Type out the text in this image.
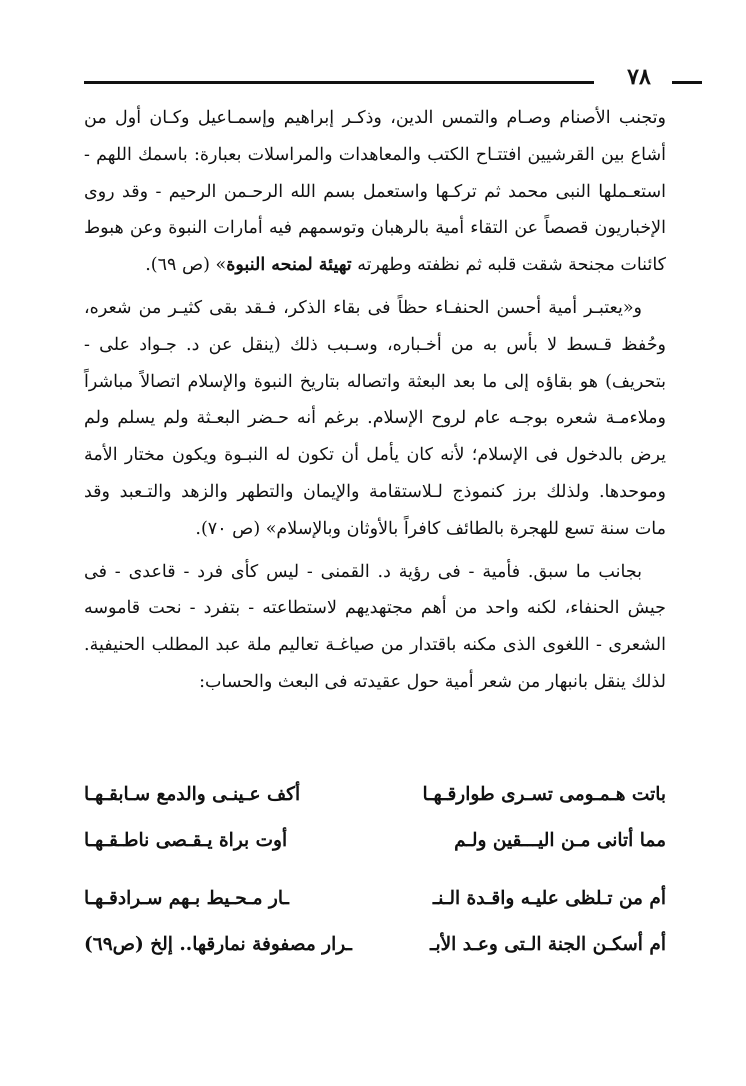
٧٨

وتجنب الأصنام وصـام والتمس الدين، وذكـر إبراهيم وإسمـاعيل وكـان أول من أشاع بين القرشيين افتتـاح الكتب والمعاهدات والمراسلات بعبارة: باسمك اللهم - استعـملها النبى محمد ثم تركـها واستعمل بسم الله الرحـمن الرحيم - وقد روى الإخباريون قصصاً عن التقاء أمية بالرهبان وتوسمهم فيه أمارات النبوة وعن هبوط كائنات مجنحة شقت قلبه ثم نظفته وطهرته تهيئة لمنحه النبوة» (ص ٦٩).

و«يعتبـر أمية أحسن الحنفـاء حظاً فى بقاء الذكر، فـقد بقى كثيـر من شعره، وحُفظ قـسط لا بأس به من أخـباره، وسـبب ذلك (ينقل عن د. جـواد على - بتحريف) هو بقاؤه إلى ما بعد البعثة واتصاله بتاريخ النبوة والإسلام اتصالاً مباشراً وملاءمـة شعره بوجـه عام لروح الإسلام. برغم أنه حـضر البعـثة ولم يسلم ولم يرض بالدخول فى الإسلام؛ لأنه كان يأمل أن تكون له النبـوة ويكون مختار الأمة وموحدها. ولذلك برز كنموذج لـلاستقامة والإيمان والتطهر والزهد والتـعبد وقد مات سنة تسع للهجرة بالطائف كافراً بالأوثان وبالإسلام» (ص ٧٠).

بجانب ما سبق. فأمية - فى رؤية د. القمنى - ليس كأى فرد - قاعدى - فى جيش الحنفاء، لكنه واحد من أهم مجتهديهم لاستطاعته - بتفرد - نحت قاموسه الشعرى - اللغوى الذى مكنه باقتدار من صياغـة تعاليم ملة عبد المطلب الحنيفية. لذلك ينقل بانبهار من شعر أمية حول عقيدته فى البعث والحساب:

باتت هـمـومى تسـرى طوارقـهـا
أكف عـينـى والدمع سـابقـهـا
مما أتانى مـن اليـــقين ولـم
أوت براة يـقـصى ناطـقـهـا
أم من تـلظى عليـه واقـدة الـنـ
ـار مـحـيط بـهم سـرادقـهـا
أم أسكـن الجنة الـتى وعـد الأبـ
ـرار مصفوفة نمارقها.. إلخ (ص٦٩)
